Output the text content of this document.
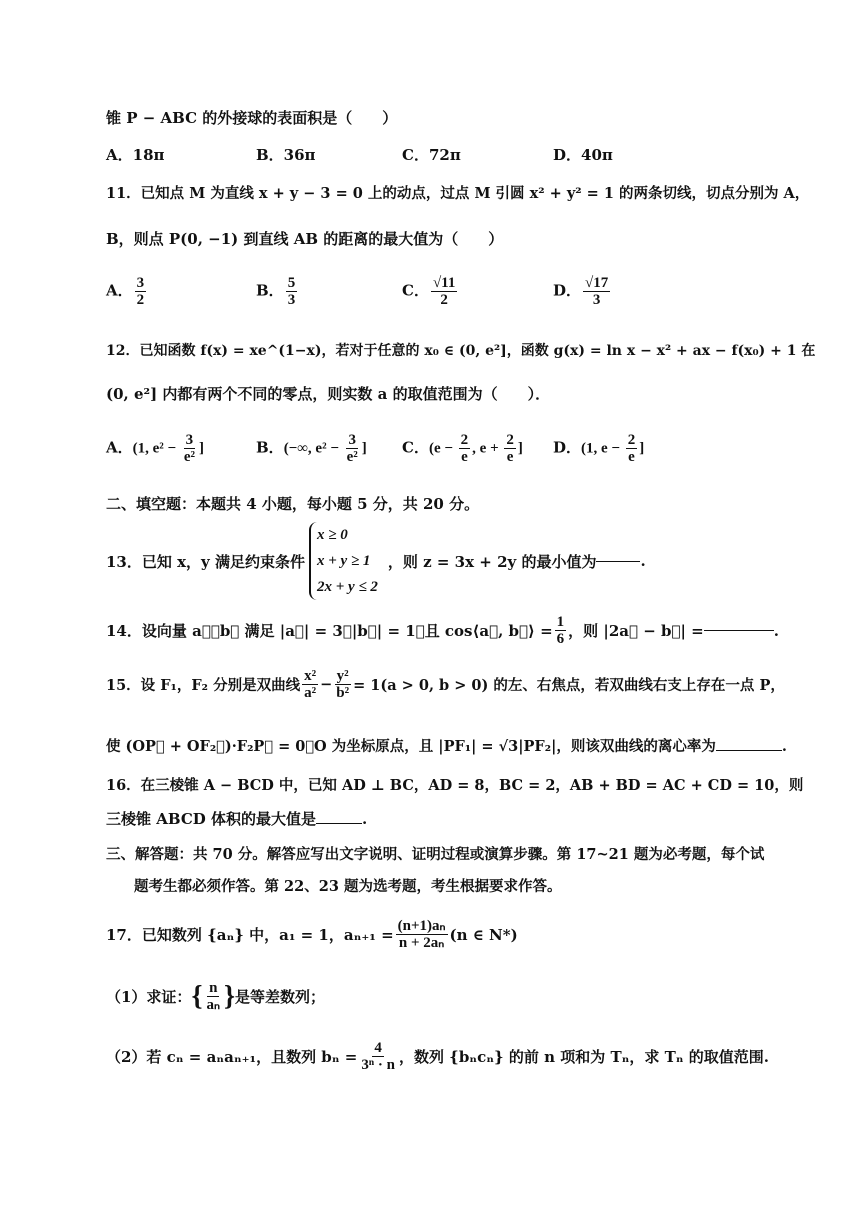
锥 P − ABC 的外接球的表面积是（　　）
A．18π	B．36π	C．72π	D．40π
11．已知点 M 为直线 x + y − 3 = 0 上的动点，过点 M 引圆 x² + y² = 1 的两条切线，切点分别为 A，
B，则点 P(0, −1) 到直线 AB 的距离的最大值为（　　）
A． $\frac{3}{2}$	B． $\frac{5}{3}$	C． $\frac{√11}{2}$	D． $\frac{√17}{3}$
12．已知函数 f(x) = xe^(1−x)，若对于任意的 x₀ ∈ (0, e²]，函数 g(x) = ln x − x² + ax − f(x₀) + 1 在
(0, e²] 内都有两个不同的零点，则实数 a 的取值范围为（　　）．
A．(1, $e^2 - \frac{3}{\text{e²}}$ ]	B．(−∞, $e^2 - \frac{3}{\text{e²}}$ ] C．($e - \frac{2}{e}$ , $e + \frac{2}{e}$ ] D．(1, $e - \frac{2}{e}$ ]
二、填空题：本题共 4 小题，每小题 5 分，共 20 分。
13．已知 x，y 满足约束条件
x ≥ 0
x + y ≥ 1
2x + y ≤ 2
，则 z = 3x + 2y 的最小值为	.
14．设向量 a⃗，b⃗ 满足 |a⃗| = 3，|b⃗| = 1，且 cos⟨a⃗, b⃗⟩ = $\frac{1}{6}$ ，则 |2a⃗ − b⃗| =	.
15．设 F₁，F₂ 分别是双曲线 $\frac{\text{x²}}{\text{a²}} - \frac{\text{y²}}{\text{b²}} = 1(a > 0$, b > 0) 的左、右焦点，若双曲线右支上存在一点 P，
使 (OP⃗ + OF₂⃗)·F₂P⃗ = 0，O 为坐标原点，且 |PF₁| = √3|PF₂|，则该双曲线的离心率为	.
16．在三棱锥 A − BCD 中，已知 AD ⊥ BC，AD = 8，BC = 2，AB + BD = AC + CD = 10，则
三棱锥 ABCD 体积的最大值是	.
三、解答题：共 70 分。解答应写出文字说明、证明过程或演算步骤。第 17~21 题为必考题，每个试
题考生都必须作答。第 22、23 题为选考题，考生根据要求作答。
17．已知数列 {aₙ} 中，a₁ = 1，$a_{n+1} = \frac{\text{(n+1)aₙ}}{\text{n + 2aₙ}} (n$ ∈ N*)
（1）求证： { $\frac{n}{\text{aₙ}}$ } 是等差数列；
（2）若 cₙ = aₙaₙ₊₁，且数列 $b_n = \frac{4}{\text{3ⁿ · n}}$ ，数列 {bₙcₙ} 的前 n 项和为 Tₙ，求 Tₙ 的取值范围.
